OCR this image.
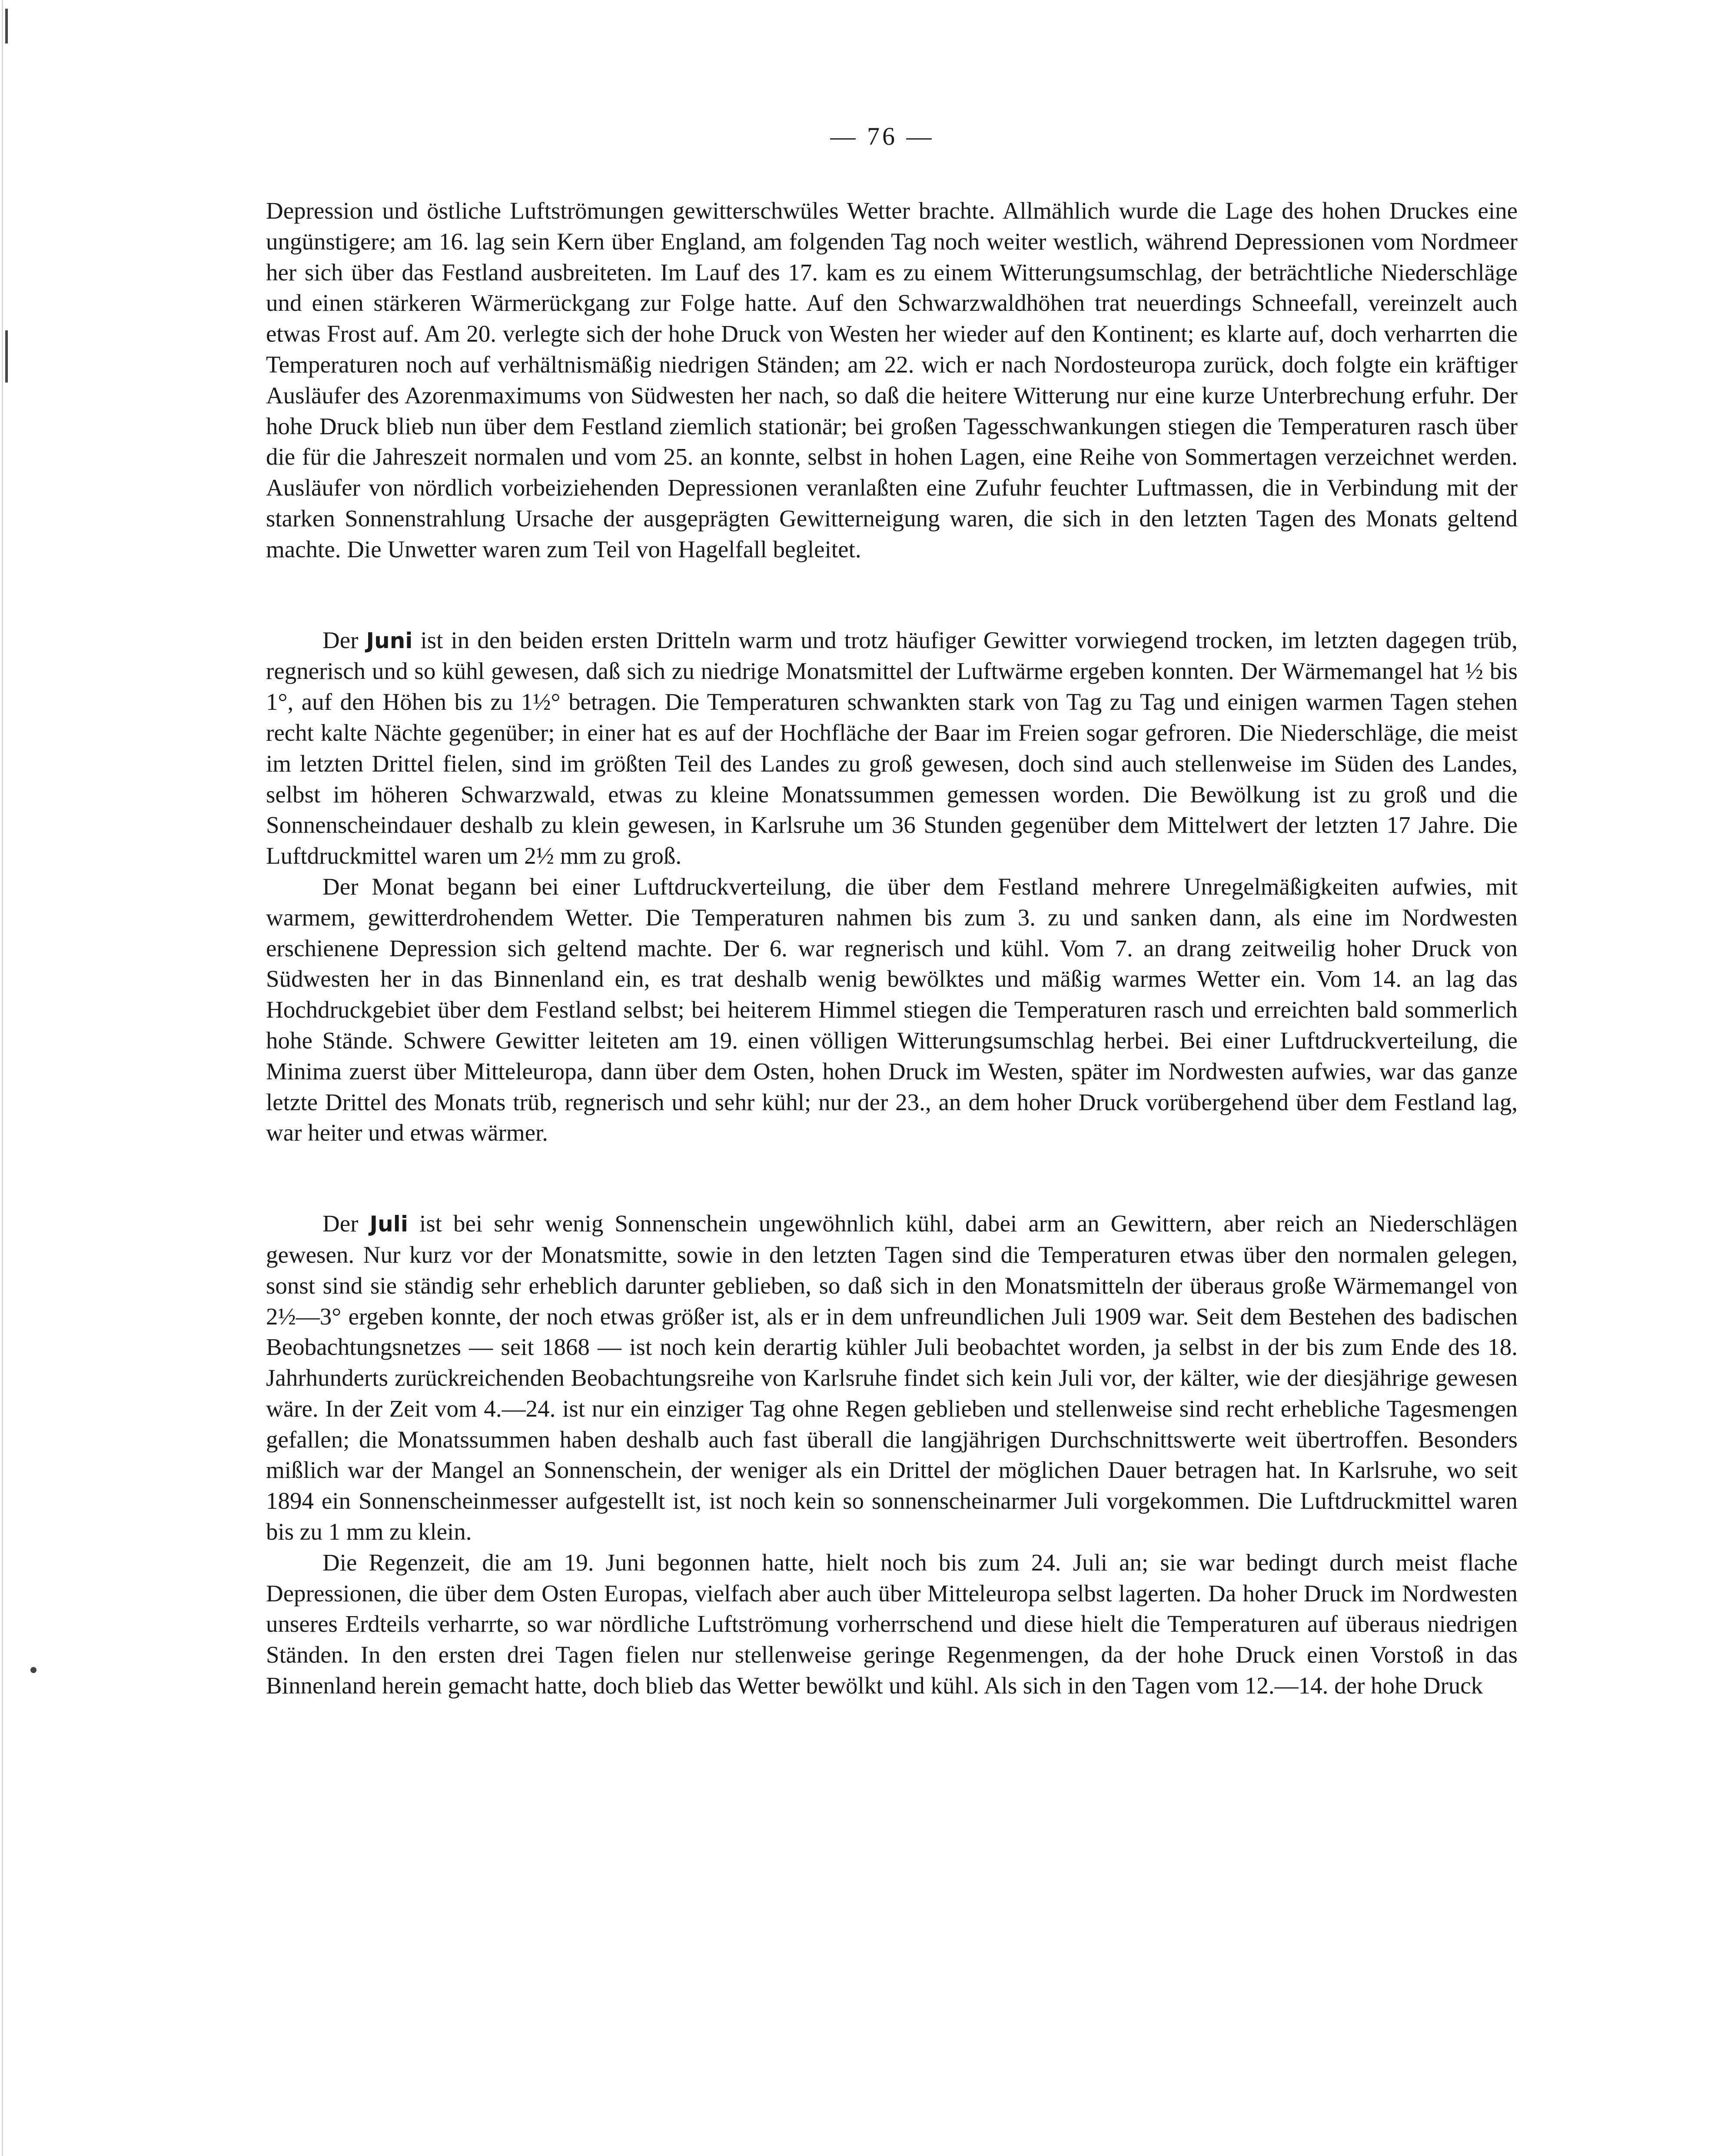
— 76 —

Depression und östliche Luftströmungen gewitterschwüles Wetter brachte. Allmählich wurde die Lage des hohen Druckes eine ungünstigere; am 16. lag sein Kern über England, am folgenden Tag noch weiter westlich, während Depressionen vom Nordmeer her sich über das Festland ausbreiteten. Im Lauf des 17. kam es zu einem Witterungsumschlag, der beträchtliche Niederschläge und einen stärkeren Wärmerückgang zur Folge hatte. Auf den Schwarzwaldhöhen trat neuerdings Schneefall, vereinzelt auch etwas Frost auf. Am 20. verlegte sich der hohe Druck von Westen her wieder auf den Kontinent; es klarte auf, doch verharrten die Temperaturen noch auf verhältnismäßig niedrigen Ständen; am 22. wich er nach Nordosteuropa zurück, doch folgte ein kräftiger Ausläufer des Azorenmaximums von Südwesten her nach, so daß die heitere Witterung nur eine kurze Unterbrechung erfuhr. Der hohe Druck blieb nun über dem Festland ziemlich stationär; bei großen Tagesschwankungen stiegen die Temperaturen rasch über die für die Jahreszeit normalen und vom 25. an konnte, selbst in hohen Lagen, eine Reihe von Sommertagen verzeichnet werden. Ausläufer von nördlich vorbeiziehenden Depressionen veranlaßten eine Zufuhr feuchter Luftmassen, die in Verbindung mit der starken Sonnenstrahlung Ursache der ausgeprägten Gewitterneigung waren, die sich in den letzten Tagen des Monats geltend machte. Die Unwetter waren zum Teil von Hagelfall begleitet.

Der Juni ist in den beiden ersten Dritteln warm und trotz häufiger Gewitter vorwiegend trocken, im letzten dagegen trüb, regnerisch und so kühl gewesen, daß sich zu niedrige Monatsmittel der Luftwärme ergeben konnten. Der Wärmemangel hat ½ bis 1°, auf den Höhen bis zu 1½° betragen. Die Temperaturen schwankten stark von Tag zu Tag und einigen warmen Tagen stehen recht kalte Nächte gegenüber; in einer hat es auf der Hochfläche der Baar im Freien sogar gefroren. Die Niederschläge, die meist im letzten Drittel fielen, sind im größten Teil des Landes zu groß gewesen, doch sind auch stellenweise im Süden des Landes, selbst im höheren Schwarzwald, etwas zu kleine Monatssummen gemessen worden. Die Bewölkung ist zu groß und die Sonnenscheindauer deshalb zu klein gewesen, in Karlsruhe um 36 Stunden gegenüber dem Mittelwert der letzten 17 Jahre. Die Luftdruckmittel waren um 2½ mm zu groß.

Der Monat begann bei einer Luftdruckverteilung, die über dem Festland mehrere Unregelmäßigkeiten aufwies, mit warmem, gewitterdrohendem Wetter. Die Temperaturen nahmen bis zum 3. zu und sanken dann, als eine im Nordwesten erschienene Depression sich geltend machte. Der 6. war regnerisch und kühl. Vom 7. an drang zeitweilig hoher Druck von Südwesten her in das Binnenland ein, es trat deshalb wenig bewölktes und mäßig warmes Wetter ein. Vom 14. an lag das Hochdruckgebiet über dem Festland selbst; bei heiterem Himmel stiegen die Temperaturen rasch und erreichten bald sommerlich hohe Stände. Schwere Gewitter leiteten am 19. einen völligen Witterungsumschlag herbei. Bei einer Luftdruckverteilung, die Minima zuerst über Mitteleuropa, dann über dem Osten, hohen Druck im Westen, später im Nordwesten aufwies, war das ganze letzte Drittel des Monats trüb, regnerisch und sehr kühl; nur der 23., an dem hoher Druck vorübergehend über dem Festland lag, war heiter und etwas wärmer.

Der Juli ist bei sehr wenig Sonnenschein ungewöhnlich kühl, dabei arm an Gewittern, aber reich an Niederschlägen gewesen. Nur kurz vor der Monatsmitte, sowie in den letzten Tagen sind die Temperaturen etwas über den normalen gelegen, sonst sind sie ständig sehr erheblich darunter geblieben, so daß sich in den Monatsmitteln der überaus große Wärmemangel von 2½—3° ergeben konnte, der noch etwas größer ist, als er in dem unfreundlichen Juli 1909 war. Seit dem Bestehen des badischen Beobachtungsnetzes — seit 1868 — ist noch kein derartig kühler Juli beobachtet worden, ja selbst in der bis zum Ende des 18. Jahrhunderts zurückreichenden Beobachtungsreihe von Karlsruhe findet sich kein Juli vor, der kälter, wie der diesjährige gewesen wäre. In der Zeit vom 4.—24. ist nur ein einziger Tag ohne Regen geblieben und stellenweise sind recht erhebliche Tagesmengen gefallen; die Monatssummen haben deshalb auch fast überall die langjährigen Durchschnittswerte weit übertroffen. Besonders mißlich war der Mangel an Sonnenschein, der weniger als ein Drittel der möglichen Dauer betragen hat. In Karlsruhe, wo seit 1894 ein Sonnenscheinmesser aufgestellt ist, ist noch kein so sonnenscheinarmer Juli vorgekommen. Die Luftdruckmittel waren bis zu 1 mm zu klein.

Die Regenzeit, die am 19. Juni begonnen hatte, hielt noch bis zum 24. Juli an; sie war bedingt durch meist flache Depressionen, die über dem Osten Europas, vielfach aber auch über Mitteleuropa selbst lagerten. Da hoher Druck im Nordwesten unseres Erdteils verharrte, so war nördliche Luftströmung vorherrschend und diese hielt die Temperaturen auf überaus niedrigen Ständen. In den ersten drei Tagen fielen nur stellenweise geringe Regenmengen, da der hohe Druck einen Vorstoß in das Binnenland herein gemacht hatte, doch blieb das Wetter bewölkt und kühl. Als sich in den Tagen vom 12.—14. der hohe Druck
